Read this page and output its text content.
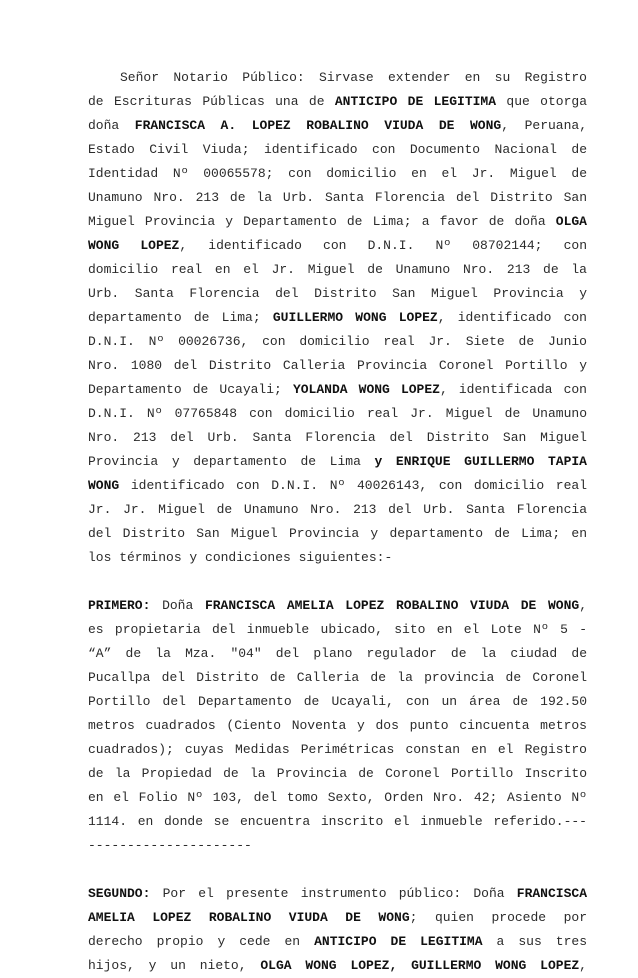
Señor Notario Público: Sirvase extender en su Registro
de Escrituras Públicas una de ANTICIPO DE LEGITIMA que otorga
doña FRANCISCA A. LOPEZ ROBALINO VIUDA DE WONG, Peruana,
Estado Civil Viuda; identificado con Documento Nacional de
Identidad Nº 00065578; con domicilio en el Jr. Miguel de
Unamuno Nro. 213 de la Urb. Santa Florencia del Distrito San
Miguel Provincia y Departamento de Lima; a favor de doña OLGA
WONG LOPEZ, identificado con D.N.I. Nº 08702144; con
domicilio real en el Jr. Miguel de Unamuno Nro. 213 de la
Urb. Santa Florencia del Distrito San Miguel Provincia y
departamento de Lima; GUILLERMO WONG LOPEZ, identificado con
D.N.I. Nº 00026736, con domicilio real Jr. Siete de Junio
Nro. 1080 del Distrito Calleria Provincia Coronel Portillo y
Departamento de Ucayali; YOLANDA WONG LOPEZ, identificada con
D.N.I. Nº 07765848 con domicilio real Jr. Miguel de Unamuno
Nro. 213 del Urb. Santa Florencia del Distrito San Miguel
Provincia y departamento de Lima y ENRIQUE GUILLERMO TAPIA
WONG identificado con D.N.I. Nº 40026143, con domicilio real
Jr. Jr. Miguel de Unamuno Nro. 213 del Urb. Santa Florencia
del Distrito San Miguel Provincia y departamento de Lima; en
los términos y condiciones siguientes:-
PRIMERO: Doña FRANCISCA AMELIA LOPEZ ROBALINO VIUDA DE WONG,
es propietaria del inmueble ubicado, sito en el Lote Nº 5 -
“A” de la Mza. "04" del plano regulador de la ciudad de
Pucallpa del Distrito de Calleria de la provincia de Coronel
Portillo del Departamento de Ucayali, con un área de 192.50
metros cuadrados (Ciento Noventa y dos punto cincuenta metros
cuadrados); cuyas Medidas Perimétricas constan en el Registro
de la Propiedad de la Provincia de Coronel Portillo Inscrito
en el Folio Nº 103, del tomo Sexto, Orden Nro. 42; Asiento Nº
1114. en donde se encuentra inscrito el inmueble referido.---
---------------------
SEGUNDO: Por el presente instrumento público: Doña FRANCISCA
AMELIA LOPEZ ROBALINO VIUDA DE WONG; quien procede por
derecho propio y cede en ANTICIPO DE LEGITIMA a sus tres
hijos, y un nieto, OLGA WONG LOPEZ, GUILLERMO WONG LOPEZ,
